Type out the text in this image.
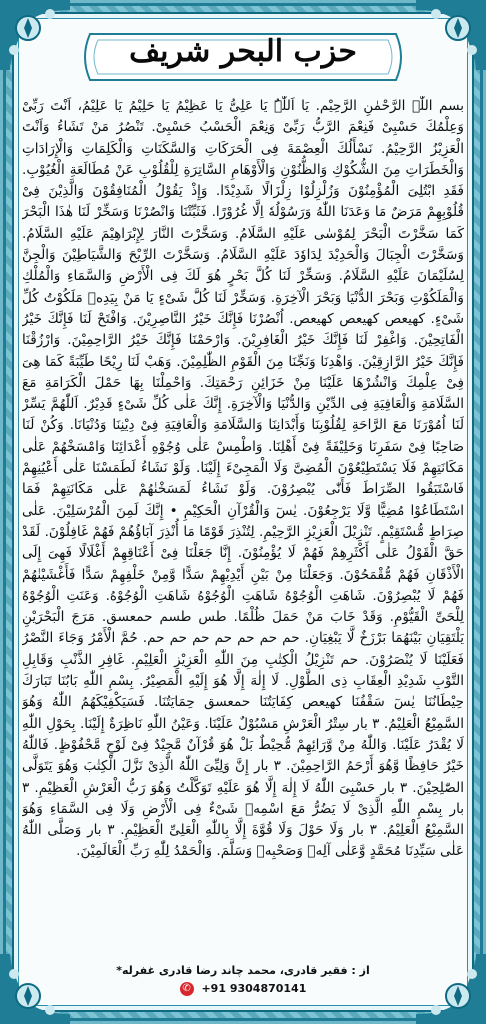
حزب البحر شریف
بسم اللّٰہ الرَّحْمٰنِ الرَّحِیْم. یَا اَللّٰہُ یَا عَلِیُّ یَا عَظِیْمُ یَا حَلِیْمُ یَا عَلِیْمُ، اَنْتَ رَبِّیْ وَعِلْمُكَ حَسْبِیْ فَنِعْمَ الرَّبُّ رَبِّیْ وَنِعْمَ الْحَسْبُ حَسْبِیْ. تَنْصُرُ مَنْ تَشَاءُ وَاَنْتَ الْعَزِیْزُ الرَّحِیْمُ. نَسْأَلُكَ الْعِصْمَةَ فِی الْحَرَكَاتِ وَالسَّكَنَاتِ وَالْكَلِمَاتِ وَالْإِرَادَاتِ وَالْخَطَرَاتِ مِنَ الشُّكُوْكِ وَالظُّنُوْنِ وَالْأَوْهَامِ السَّاتِرَةِ لِلْقُلُوْبِ عَنْ مُطَالَعَةِ الْغُیُوْبِ. فَقَدِ ابْتُلِیَ الْمُؤْمِنُوْنَ وَزُلْزِلُوْا زِلْزَالًا شَدِیْدًا. وَإِذْ یَقُوْلُ الْمُنَافِقُوْنَ وَالَّذِیْنَ فِیْ قُلُوْبِهِمْ مَرَضٌ مَا وَعَدَنَا اللّٰهُ وَرَسُوْلُهٗ اِلَّا غُرُوْرًا. فَثَبِّتْنَا وَانْصُرْنَا وَسَخِّرْ لَنَا هٰذَا الْبَحْرَ كَمَا سَخَّرْتَ الْبَحْرَ لِمُوْسٰى عَلَیْهِ السَّلَامُ. وَسَخَّرْتَ النَّارَ لِإِبْرَاهِیْمَ عَلَیْهِ السَّلَامُ. وَسَخَّرْتَ الْجِبَالَ وَالْحَدِیْدَ لِدَاوٗدَ عَلَیْهِ السَّلَامُ. وَسَخَّرْتَ الرِّیْحَ وَالشَّیَاطِیْنَ وَالْجِنَّ لِسُلَیْمَانَ عَلَیْهِ السَّلَامُ. وَسَخِّرْ لَنَا كُلَّ بَحْرٍ هُوَ لَكَ فِی الْأَرْضِ وَالسَّمَاءِ وَالْمُلْكِ وَالْمَلَكُوْتِ وَبَحْرَ الدُّنْیَا وَبَحْرَ الْآخِرَةِ. وَسَخِّرْ لَنَا كُلَّ شَیْءٍ یَا مَنْ بِیَدِهٖ مَلَكُوْتُ كُلِّ شَیْءٍ. كهيعص كهيعص كهيعص. اُنْصُرْنَا فَإِنَّكَ خَیْرُ النَّاصِرِیْنَ. وَافْتَحْ لَنَا فَإِنَّكَ خَیْرُ الْفَاتِحِیْنَ. وَاغْفِرْ لَنَا فَإِنَّكَ خَیْرُ الْغَافِرِیْنَ. وَارْحَمْنَا فَإِنَّكَ خَیْرُ الرَّاحِمِیْنَ. وَارْزُقْنَا فَإِنَّكَ خَیْرُ الرَّازِقِیْنَ. وَاهْدِنَا وَنَجِّنَا مِنَ الْقَوْمِ الظّٰلِمِیْنَ. وَهَبْ لَنَا رِیْحًا طَیِّبَةً كَمَا هِیَ فِیْ عِلْمِكَ وَانْشُرْهَا عَلَیْنَا مِنْ خَزَائِنِ رَحْمَتِكَ. وَاحْمِلْنَا بِهَا حَمْلَ الْكَرَامَةِ مَعَ السَّلَامَةِ وَالْعَافِیَةِ فِی الدِّیْنِ وَالدُّنْیَا وَالْآخِرَةِ. إِنَّكَ عَلٰى كُلِّ شَیْءٍ قَدِیْرٌ. اَللّٰهُمَّ یَسِّرْ لَنَا اُمُوْرَنَا مَعَ الرَّاحَةِ لِقُلُوْبِنَا وَأَبْدَانِنَا وَالسَّلَامَةِ وَالْعَافِیَةِ فِیْ دِیْنِنَا وَدُنْیَانَا. وَكُنْ لَنَا صَاحِبًا فِیْ سَفَرِنَا وَخَلِیْفَةً فِیْ أَهْلِنَا. وَاطْمِسْ عَلٰى وُجُوْهِ أَعْدَائِنَا وَامْسَخْهُمْ عَلٰى مَكَانَتِهِمْ فَلَا یَسْتَطِیْعُوْنَ الْمُضِیَّ وَلَا الْمَجِیْءَ إِلَیْنَا. وَلَوْ نَشَاءُ لَطَمَسْنَا عَلٰى أَعْیُنِهِمْ فَاسْتَبَقُوا الصِّرَاطَ فَأَنّٰى یُبْصِرُوْنَ. وَلَوْ نَشَاءُ لَمَسَخْنٰهُمْ عَلٰى مَكَانَتِهِمْ فَمَا اسْتَطَاعُوْا مُضِیًّا وَّلَا یَرْجِعُوْنَ. یٰسٓ وَالْقُرْآنِ الْحَكِیْمِ • إِنَّكَ لَمِنَ الْمُرْسَلِیْنَ. عَلٰى صِرَاطٍ مُّسْتَقِیْمٍ. تَنْزِیْلَ الْعَزِیْزِ الرَّحِیْمِ. لِتُنْذِرَ قَوْمًا مَا أُنْذِرَ آبَاؤُهُمْ فَهُمْ غَافِلُوْنَ. لَقَدْ حَقَّ الْقَوْلُ عَلٰى أَكْثَرِهِمْ فَهُمْ لَا یُؤْمِنُوْنَ. إِنَّا جَعَلْنَا فِیْ أَعْنَاقِهِمْ أَغْلَالًا فَهِیَ إِلَى الْأَذْقَانِ فَهُمْ مُّقْمَحُوْنَ. وَجَعَلْنَا مِنْ بَیْنِ أَیْدِیْهِمْ سَدًّا وَّمِنْ خَلْفِهِمْ سَدًّا فَأَغْشَیْنٰهُمْ فَهُمْ لَا یُبْصِرُوْنَ. شَاهَتِ الْوُجُوْهُ شَاهَتِ الْوُجُوْهُ شَاهَتِ الْوُجُوْهُ. وَعَنَتِ الْوُجُوْهُ لِلْحَیِّ الْقَیُّوْمِ. وَقَدْ خَابَ مَنْ حَمَلَ ظُلْمًا. طس طسم حمعسق. مَرَجَ الْبَحْرَیْنِ یَلْتَقِیَانِ بَیْنَهُمَا بَرْزَخٌ لَّا یَبْغِیَانِ. حم حم حم حم حم حم حم. حُمَّ الْأَمْرُ وَجَاءَ النَّصْرُ فَعَلَیْنَا لَا یُنْصَرُوْنَ. حم تَنْزِیْلُ الْكِتٰبِ مِنَ اللّٰهِ الْعَزِیْزِ الْعَلِیْمِ. غَافِرِ الذَّنْبِ وَقَابِلِ التَّوْبِ شَدِیْدِ الْعِقَابِ ذِی الطَّوْلِ. لَا إِلٰهَ إِلَّا هُوَ إِلَیْهِ الْمَصِیْرُ. بِسْمِ اللّٰهِ بَابُنَا تَبَارَكَ حِیْطَانُنَا یٰسٓ سَقْفُنَا كهيعص كِفَایَتُنَا حمعسق حِمَایَتُنَا. فَسَیَكْفِیْكَهُمُ اللّٰهُ وَهُوَ السَّمِیْعُ الْعَلِیْمُ. ۳ بار سِتْرُ الْعَرْشِ مَسْبُوْلٌ عَلَیْنَا. وَعَیْنُ اللّٰهِ نَاظِرَةٌ إِلَیْنَا. بِحَوْلِ اللّٰهِ لَا یُقْدَرُ عَلَیْنَا. وَاللّٰهُ مِنْ وَّرَائِهِمْ مُّحِیْطٌ بَلْ هُوَ قُرْآنٌ مَّجِیْدٌ فِیْ لَوْحٍ مَّحْفُوْظٍ. فَاللّٰهُ خَیْرٌ حَافِظًا وَّهُوَ أَرْحَمُ الرَّاحِمِیْنَ. ۳ بار إِنَّ وَلِیِّیَ اللّٰهُ الَّذِیْ نَزَّلَ الْكِتٰبَ وَهُوَ یَتَوَلَّى الصّٰلِحِیْنَ. ۳ بار حَسْبِیَ اللّٰهُ لَا إِلٰهَ إِلَّا هُوَ عَلَیْهِ تَوَكَّلْتُ وَهُوَ رَبُّ الْعَرْشِ الْعَظِیْمِ. ۳ بار بِسْمِ اللّٰهِ الَّذِیْ لَا یَضُرُّ مَعَ اسْمِهٖ شَیْءٌ فِی الْأَرْضِ وَلَا فِی السَّمَاءِ وَهُوَ السَّمِیْعُ الْعَلِیْمُ. ۳ بار وَلَا حَوْلَ وَلَا قُوَّةَ إِلَّا بِاللّٰهِ الْعَلِیِّ الْعَظِیْمِ. ۳ بار وَصَلَّى اللّٰهُ عَلٰى سَیِّدِنَا مُحَمَّدٍ وَّعَلٰى آلِهٖ وَصَحْبِهٖ وَسَلَّمَ. وَالْحَمْدُ لِلّٰهِ رَبِّ الْعَالَمِیْنَ.
از : فقیر قادری، محمد چاند رضا قادری غفرله*
✆ +91 9304870141
